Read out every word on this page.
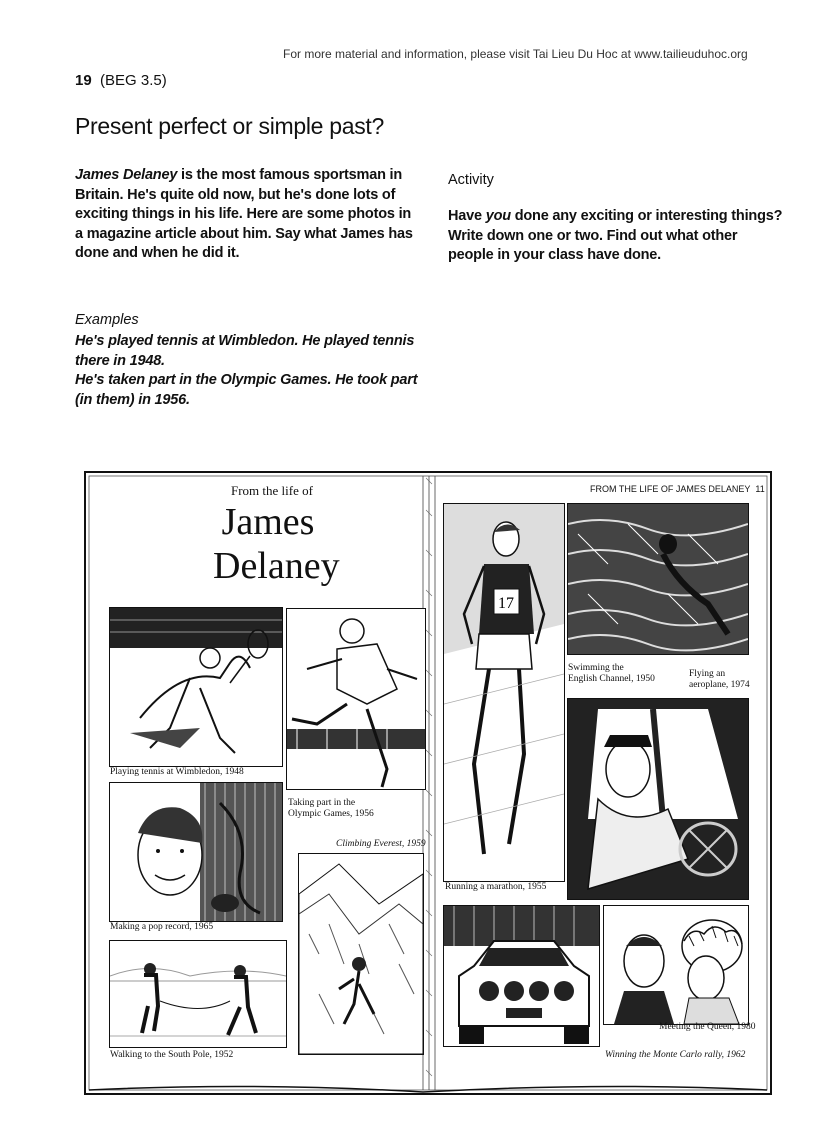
For more material and information, please visit Tai Lieu Du Hoc at www.tailieuduhoc.org
19 (BEG 3.5)
Present perfect or simple past?
James Delaney is the most famous sportsman in Britain. He's quite old now, but he's done lots of exciting things in his life. Here are some photos in a magazine article about him. Say what James has done and when he did it.
Examples
He's played tennis at Wimbledon. He played tennis there in 1948.
He's taken part in the Olympic Games. He took part (in them) in 1956.
Activity
Have you done any exciting or interesting things? Write down one or two. Find out what other people in your class have done.
From the life of
James
Delaney
FROM THE LIFE OF JAMES DELANEY 11
Playing tennis at Wimbledon, 1948
Taking part in the
Olympic Games, 1956
Making a pop record, 1965
Climbing Everest, 1959
Walking to the South Pole, 1952
17
Running a marathon, 1955
Swimming the
English Channel, 1950	Flying an
aeroplane, 1974
Meeting the Queen, 1980
Winning the Monte Carlo rally, 1962
